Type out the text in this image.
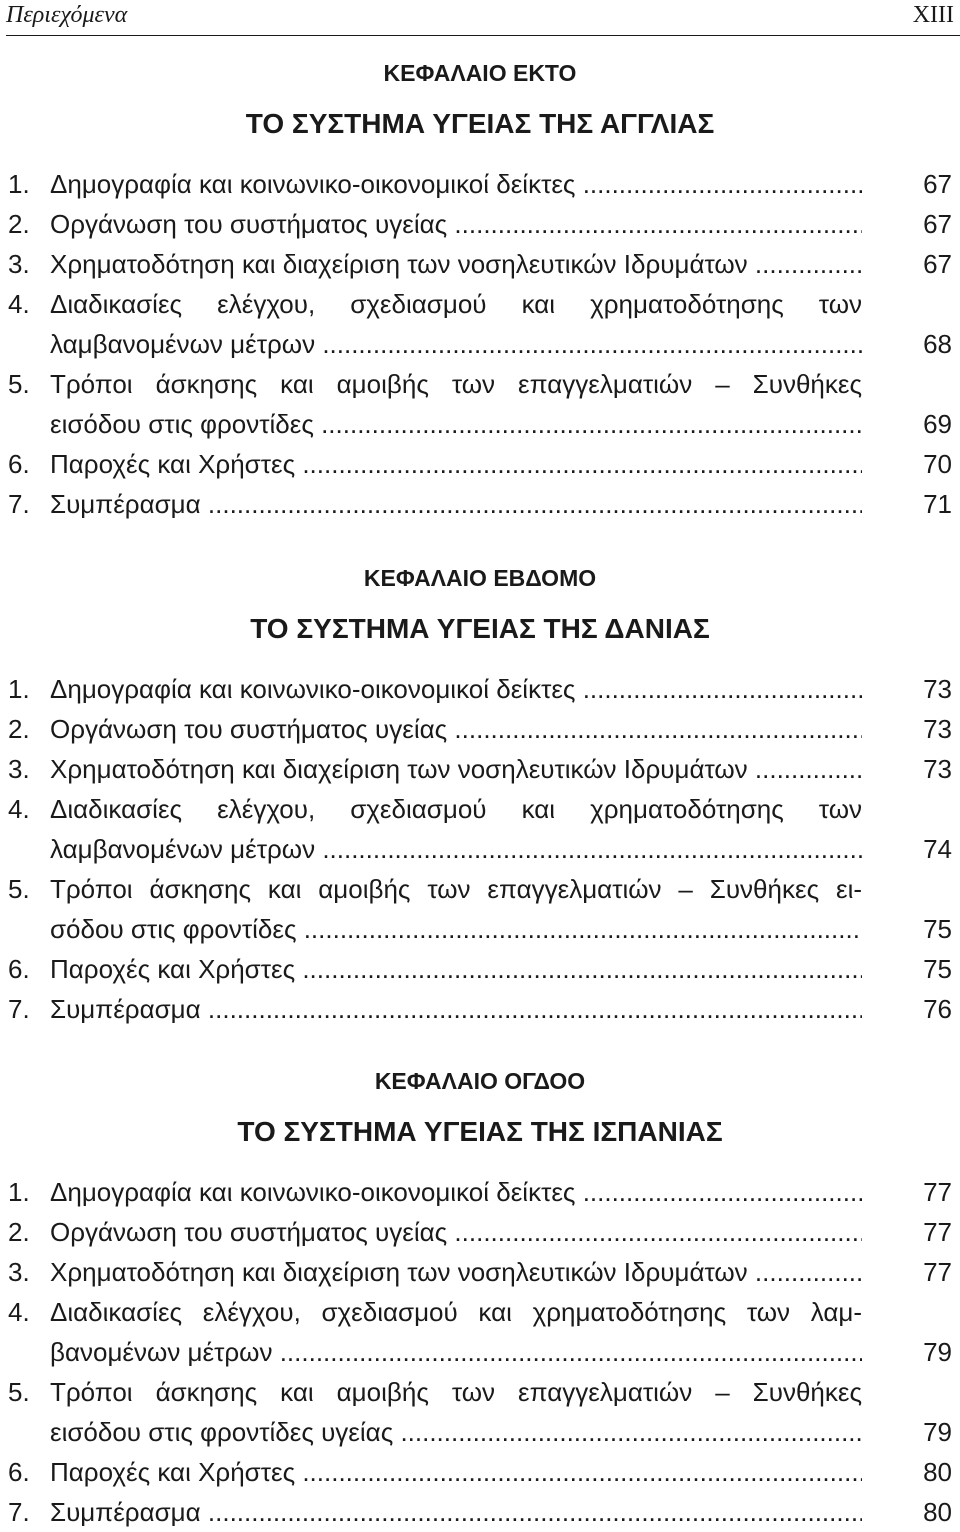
Περιεχόμενα	XIII
ΚΕΦΑΛΑΙΟ ΕΚΤΟ
ΤΟ ΣΥΣΤΗΜΑ ΥΓΕΙΑΣ ΤΗΣ ΑΓΓΛΙΑΣ
1. Δημογραφία και κοινωνικο-οικονομικοί δείκτες .....	67
2. Οργάνωση του συστήματος υγείας .....	67
3. Χρηματοδότηση και διαχείριση των νοσηλευτικών Ιδρυμάτων .....	67
4. Διαδικασίες ελέγχου, σχεδιασμού και χρηματοδότησης των
λαμβανομένων μέτρων .....	68
5. Τρόποι άσκησης και αμοιβής των επαγγελματιών – Συνθήκες
εισόδου στις φροντίδες .....	69
6. Παροχές και Χρήστες .....	70
7. Συμπέρασμα .....	71
ΚΕΦΑΛΑΙΟ ΕΒΔΟΜΟ
ΤΟ ΣΥΣΤΗΜΑ ΥΓΕΙΑΣ ΤΗΣ ΔΑΝΙΑΣ
1. Δημογραφία και κοινωνικο-οικονομικοί δείκτες .....	73
2. Οργάνωση του συστήματος υγείας .....	73
3. Χρηματοδότηση και διαχείριση των νοσηλευτικών Ιδρυμάτων .....	73
4. Διαδικασίες ελέγχου, σχεδιασμού και χρηματοδότησης των
λαμβανομένων μέτρων .....	74
5. Τρόποι άσκησης και αμοιβής των επαγγελματιών – Συνθήκες ει-
σόδου στις φροντίδες .....	75
6. Παροχές και Χρήστες .....	75
7. Συμπέρασμα .....	76
ΚΕΦΑΛΑΙΟ ΟΓΔΟΟ
ΤΟ ΣΥΣΤΗΜΑ ΥΓΕΙΑΣ ΤΗΣ ΙΣΠΑΝΙΑΣ
1. Δημογραφία και κοινωνικο-οικονομικοί δείκτες .....	77
2. Οργάνωση του συστήματος υγείας .....	77
3. Χρηματοδότηση και διαχείριση των νοσηλευτικών Ιδρυμάτων .....	77
4. Διαδικασίες ελέγχου, σχεδιασμού και χρηματοδότησης των λαμ-
βανομένων μέτρων .....	79
5. Τρόποι άσκησης και αμοιβής των επαγγελματιών – Συνθήκες
εισόδου στις φροντίδες υγείας .....	79
6. Παροχές και Χρήστες .....	80
7. Συμπέρασμα .....	80
